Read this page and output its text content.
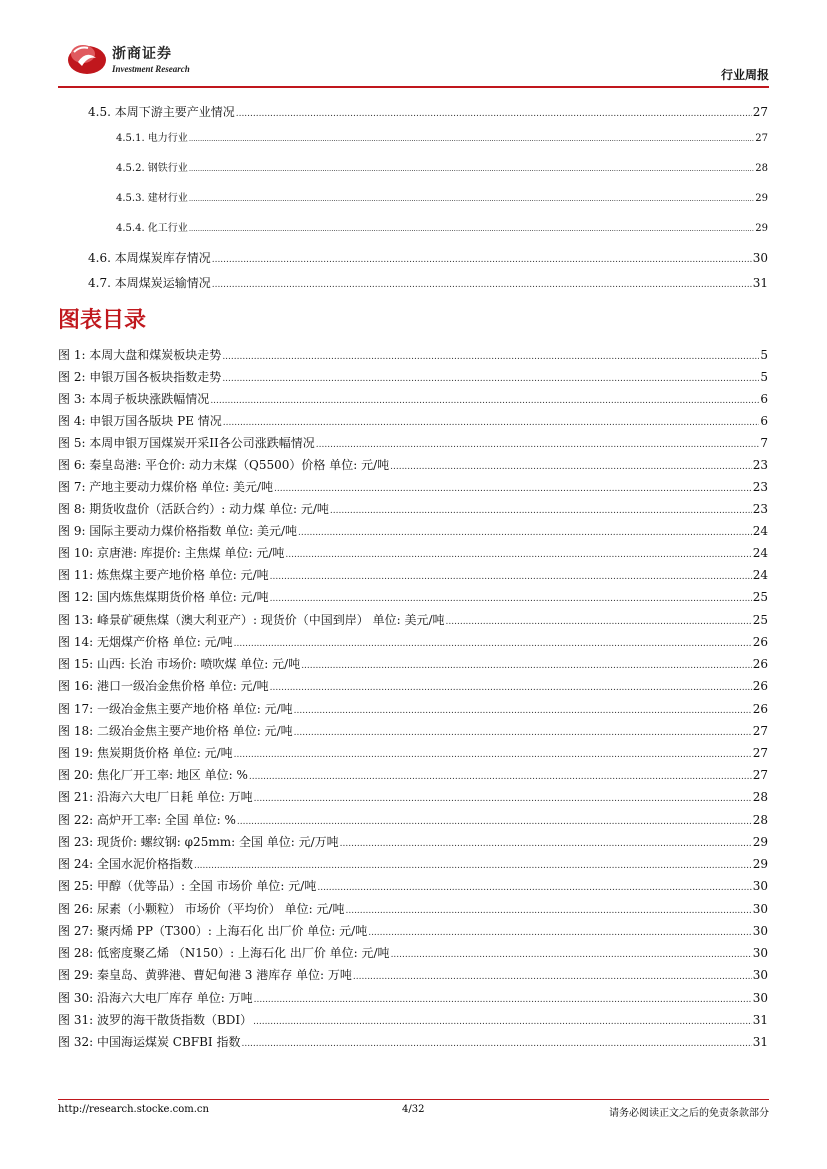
浙商证券
Investment Research	行业周报
4.5. 本周下游主要产业情况 .....	27
4.5.1. 电力行业 .....	27
4.5.2. 钢铁行业 .....	28
4.5.3. 建材行业 .....	29
4.5.4. 化工行业 .....	29
4.6. 本周煤炭库存情况 .....	30
4.7. 本周煤炭运输情况 .....	31
图表目录
图 1: 本周大盘和煤炭板块走势 .....	5
图 2: 申银万国各板块指数走势 .....	5
图 3: 本周子板块涨跌幅情况 .....	6
图 4: 申银万国各版块 PE 情况 .....	6
图 5: 本周申银万国煤炭开采II各公司涨跌幅情况 .....	7
图 6: 秦皇岛港: 平仓价: 动力末煤（Q5500）价格 单位: 元/吨 .....	23
图 7: 产地主要动力煤价格 单位: 美元/吨 .....	23
图 8: 期货收盘价（活跃合约）: 动力煤 单位: 元/吨 .....	23
图 9: 国际主要动力煤价格指数 单位: 美元/吨 .....	24
图 10: 京唐港: 库提价: 主焦煤 单位: 元/吨 .....	24
图 11: 炼焦煤主要产地价格 单位: 元/吨 .....	24
图 12: 国内炼焦煤期货价格 单位: 元/吨 .....	25
图 13: 峰景矿硬焦煤（澳大利亚产）: 现货价（中国到岸） 单位: 美元/吨 .....	25
图 14: 无烟煤产价格 单位: 元/吨 .....	26
图 15: 山西: 长治 市场价: 喷吹煤 单位: 元/吨 .....	26
图 16: 港口一级冶金焦价格 单位: 元/吨 .....	26
图 17: 一级冶金焦主要产地价格 单位: 元/吨 .....	26
图 18: 二级冶金焦主要产地价格 单位: 元/吨 .....	27
图 19: 焦炭期货价格 单位: 元/吨 .....	27
图 20: 焦化厂开工率: 地区 单位: % .....	27
图 21: 沿海六大电厂日耗 单位: 万吨 .....	28
图 22: 高炉开工率: 全国 单位: % .....	28
图 23: 现货价: 螺纹钢: φ25mm: 全国 单位: 元/万吨 .....	29
图 24: 全国水泥价格指数 .....	29
图 25: 甲醇（优等品）: 全国 市场价 单位: 元/吨 .....	30
图 26: 尿素（小颗粒） 市场价（平均价） 单位: 元/吨 .....	30
图 27: 聚丙烯 PP（T300）: 上海石化 出厂价 单位: 元/吨 .....	30
图 28: 低密度聚乙烯 （N150）: 上海石化 出厂价 单位: 元/吨 .....	30
图 29: 秦皇岛、黄骅港、曹妃甸港 3 港库存 单位: 万吨 .....	30
图 30: 沿海六大电厂库存 单位: 万吨 .....	30
图 31: 波罗的海干散货指数（BDI） .....	31
图 32: 中国海运煤炭 CBFBI 指数 .....	31
http://research.stocke.com.cn	4/32	请务必阅读正文之后的免责条款部分
